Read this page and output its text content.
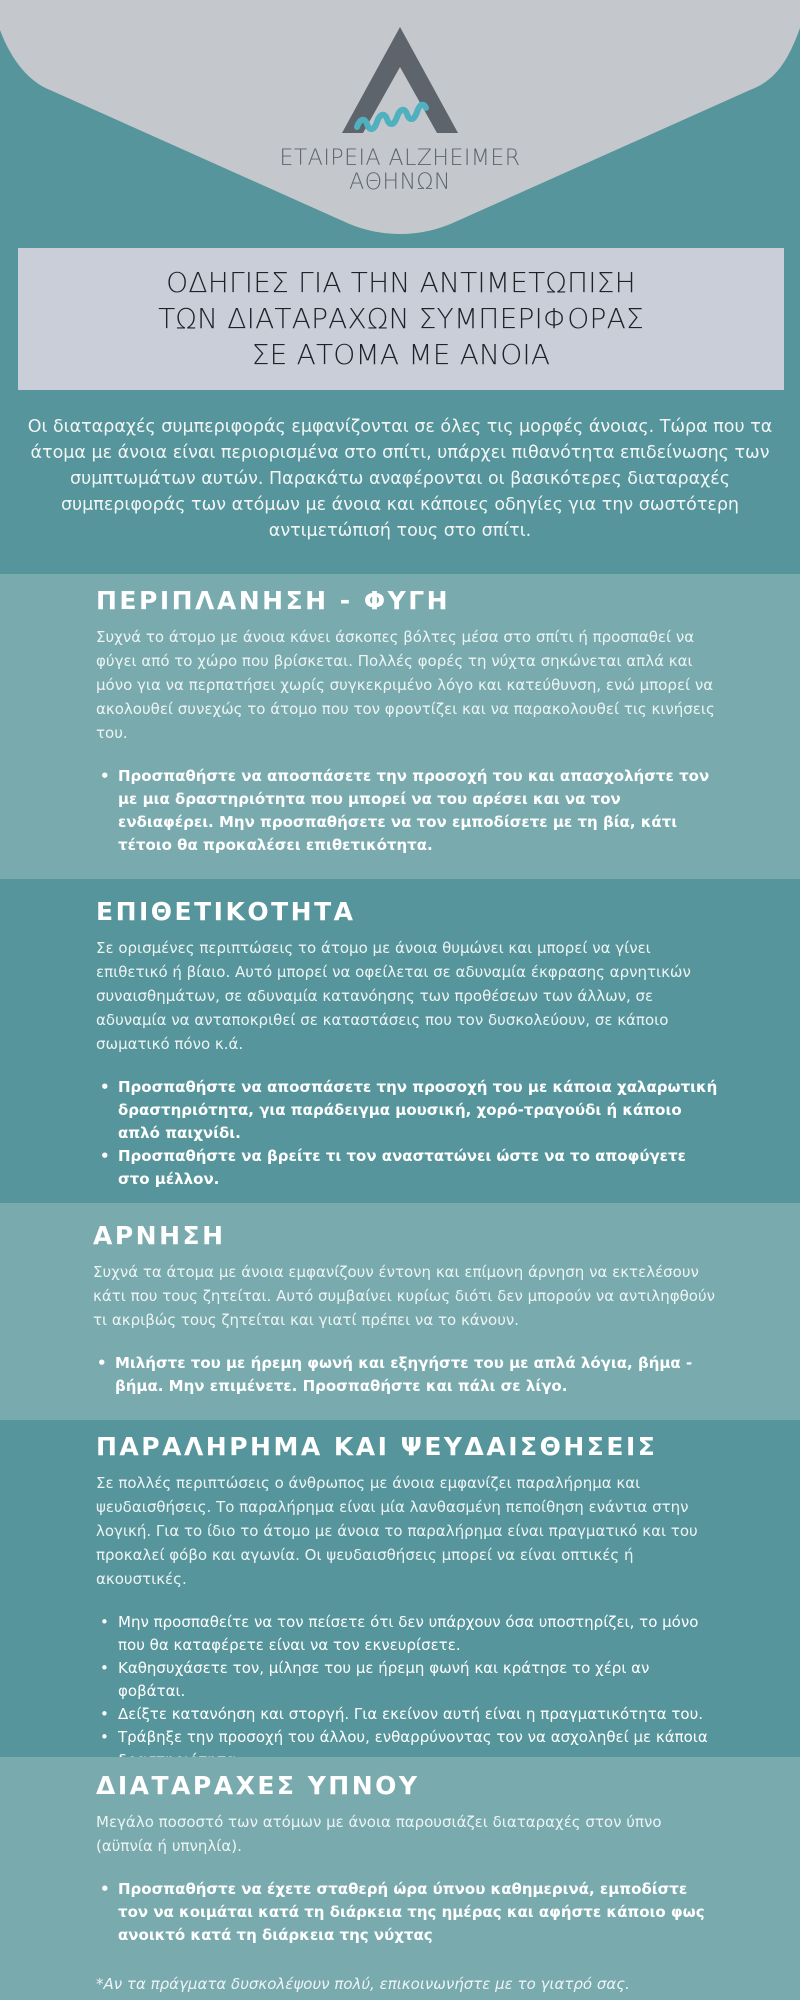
ΕΤΑΙΡΕΙΑ ALZHEIMER
ΑΘΗΝΩΝ
ΟΔΗΓΙΕΣ ΓΙΑ ΤΗΝ ΑΝΤΙΜΕΤΩΠΙΣΗ
ΤΩΝ ΔΙΑΤΑΡΑΧΩΝ ΣΥΜΠΕΡΙΦΟΡΑΣ
ΣΕ ΑΤΟΜΑ ΜΕ ΑΝΟΙΑ

Οι διαταραχές συμπεριφοράς εμφανίζονται σε όλες τις μορφές άνοιας. Τώρα που τα άτομα με άνοια είναι περιορισμένα στο σπίτι, υπάρχει πιθανότητα επιδείνωσης των συμπτωμάτων αυτών. Παρακάτω αναφέρονται οι βασικότερες διαταραχές συμπεριφοράς των ατόμων με άνοια και κάποιες οδηγίες για την σωστότερη αντιμετώπισή τους στο σπίτι.

ΠΕΡΙΠΛΑΝΗΣΗ - ΦΥΓΗ

Συχνά το άτομο με άνοια κάνει άσκοπες βόλτες μέσα στο σπίτι ή προσπαθεί να φύγει από το χώρο που βρίσκεται. Πολλές φορές τη νύχτα σηκώνεται απλά και μόνο για να περπατήσει χωρίς συγκεκριμένο λόγο και κατεύθυνση, ενώ μπορεί να ακολουθεί συνεχώς το άτομο που τον φροντίζει και να παρακολουθεί τις κινήσεις του.

• Προσπαθήστε να αποσπάσετε την προσοχή του και απασχολήστε τον με μια δραστηριότητα που μπορεί να του αρέσει και να τον ενδιαφέρει. Μην προσπαθήσετε να τον εμποδίσετε με τη βία, κάτι τέτοιο θα προκαλέσει επιθετικότητα.
ΕΠΙΘΕΤΙΚΟΤΗΤΑ

Σε ορισμένες περιπτώσεις το άτομο με άνοια θυμώνει και μπορεί να γίνει επιθετικό ή βίαιο. Αυτό μπορεί να οφείλεται σε αδυναμία έκφρασης αρνητικών συναισθημάτων, σε αδυναμία κατανόησης των προθέσεων των άλλων, σε αδυναμία να ανταποκριθεί σε καταστάσεις που τον δυσκολεύουν, σε κάποιο σωματικό πόνο κ.ά.

• Προσπαθήστε να αποσπάσετε την προσοχή του με κάποια χαλαρωτική δραστηριότητα, για παράδειγμα μουσική, χορό-τραγούδι ή κάποιο απλό παιχνίδι.
• Προσπαθήστε να βρείτε τι τον αναστατώνει ώστε να το αποφύγετε στο μέλλον.
ΑΡΝΗΣΗ

Συχνά τα άτομα με άνοια εμφανίζουν έντονη και επίμονη άρνηση να εκτελέσουν κάτι που τους ζητείται. Αυτό συμβαίνει κυρίως διότι δεν μπορούν να αντιληφθούν τι ακριβώς τους ζητείται και γιατί πρέπει να το κάνουν.

• Μιλήστε του με ήρεμη φωνή και εξηγήστε του με απλά λόγια, βήμα - βήμα. Μην επιμένετε. Προσπαθήστε και πάλι σε λίγο.
ΠΑΡΑΛΗΡΗΜΑ ΚΑΙ ΨΕΥΔΑΙΣΘΗΣΕΙΣ

Σε πολλές περιπτώσεις ο άνθρωπος με άνοια εμφανίζει παραλήρημα και ψευδαισθήσεις. Το παραλήρημα είναι μία λανθασμένη πεποίθηση ενάντια στην λογική. Για το ίδιο το άτομο με άνοια το παραλήρημα είναι πραγματικό και του προκαλεί φόβο και αγωνία. Οι ψευδαισθήσεις μπορεί να είναι οπτικές ή ακουστικές.

• Μην προσπαθείτε να τον πείσετε ότι δεν υπάρχουν όσα υποστηρίζει, το μόνο που θα καταφέρετε είναι να τον εκνευρίσετε.
• Καθησυχάσετε τον, μίλησε του με ήρεμη φωνή και κράτησε το χέρι αν φοβάται.
• Δείξτε κατανόηση και στοργή. Για εκείνον αυτή είναι η πραγματικότητα του.
• Τράβηξε την προσοχή του άλλου, ενθαρρύνοντας τον να ασχοληθεί με κάποια
ΔΙΑΤΑΡΑΧΕΣ ΥΠΝΟΥ

Μεγάλο ποσοστό των ατόμων με άνοια παρουσιάζει διαταραχές στον ύπνο (αϋπνία ή υπνηλία).

• Προσπαθήστε να έχετε σταθερή ώρα ύπνου καθημερινά, εμποδίστε τον να κοιμάται κατά τη διάρκεια της ημέρας και αφήστε κάποιο φως ανοικτό κατά τη διάρκεια της νύχτας

*Αν τα πράγματα δυσκολέψουν πολύ, επικοινωνήστε με το γιατρό σας.
